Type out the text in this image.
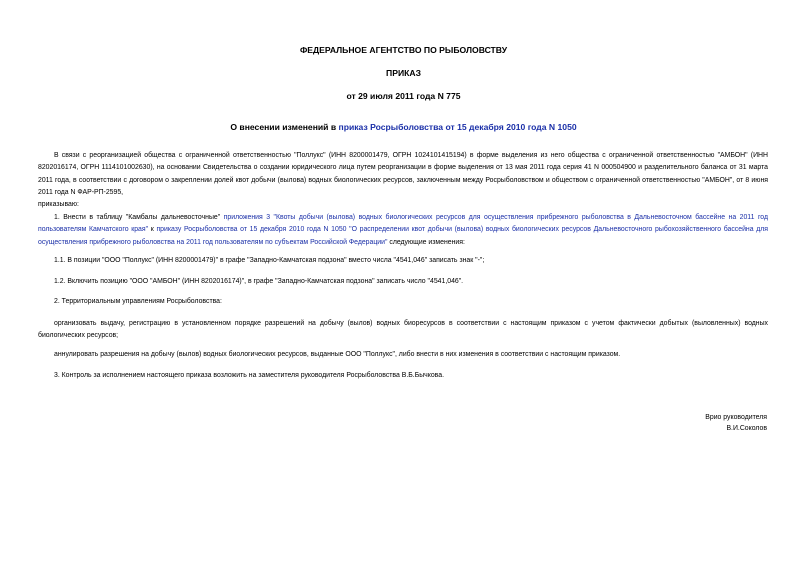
ФЕДЕРАЛЬНОЕ АГЕНТСТВО ПО РЫБОЛОВСТВУ
ПРИКАЗ
от 29 июля 2011 года N 775
О внесении изменений в приказ Росрыболовства от 15 декабря 2010 года N 1050
В связи с реорганизацией общества с ограниченной ответственностью "Поллукс" (ИНН 8200001479, ОГРН 1024101415194) в форме выделения из него общества с ограниченной ответственностью "АМБОН" (ИНН 8202016174, ОГРН 1114101002630), на основании Свидетельства о создании юридического лица путем реорганизации в форме выделения от 13 мая 2011 года серия 41 N 000504900 и разделительного баланса от 31 марта 2011 года, в соответствии с договором о закреплении долей квот добычи (вылова) водных биологических ресурсов, заключенным между Росрыболовством и обществом с ограниченной ответственностью "АМБОН", от 8 июня 2011 года N ФАР-РП-2595,
приказываю:
1. Внести в таблицу "Камбалы дальневосточные" приложения 3 "Квоты добычи (вылова) водных биологических ресурсов для осуществления прибрежного рыболовства в Дальневосточном бассейне на 2011 год пользователям Камчатского края" к приказу Росрыболовства от 15 декабря 2010 года N 1050 "О распределении квот добычи (вылова) водных биологических ресурсов Дальневосточного рыбохозяйственного бассейна для осуществления прибрежного рыболовства на 2011 год пользователям по субъектам Российской Федерации" следующие изменения:
1.1. В позиции "ООО "Поллукс" (ИНН 8200001479)" в графе "Западно-Камчатская подзона" вместо числа "4541,046" записать знак "-";
1.2. Включить позицию "ООО "АМБОН" (ИНН 8202016174)", в графе "Западно-Камчатская подзона" записать число "4541,046".
2. Территориальным управлениям Росрыболовства:
организовать выдачу, регистрацию в установленном порядке разрешений на добычу (вылов) водных биоресурсов в соответствии с настоящим приказом с учетом фактически добытых (выловленных) водных биологических ресурсов;
аннулировать разрешения на добычу (вылов) водных биологических ресурсов, выданные ООО "Поллукс", либо внести в них изменения в соответствии с настоящим приказом.
3. Контроль за исполнением настоящего приказа возложить на заместителя руководителя Росрыболовства В.Б.Бычкова.
Врио руководителя
В.И.Соколов
